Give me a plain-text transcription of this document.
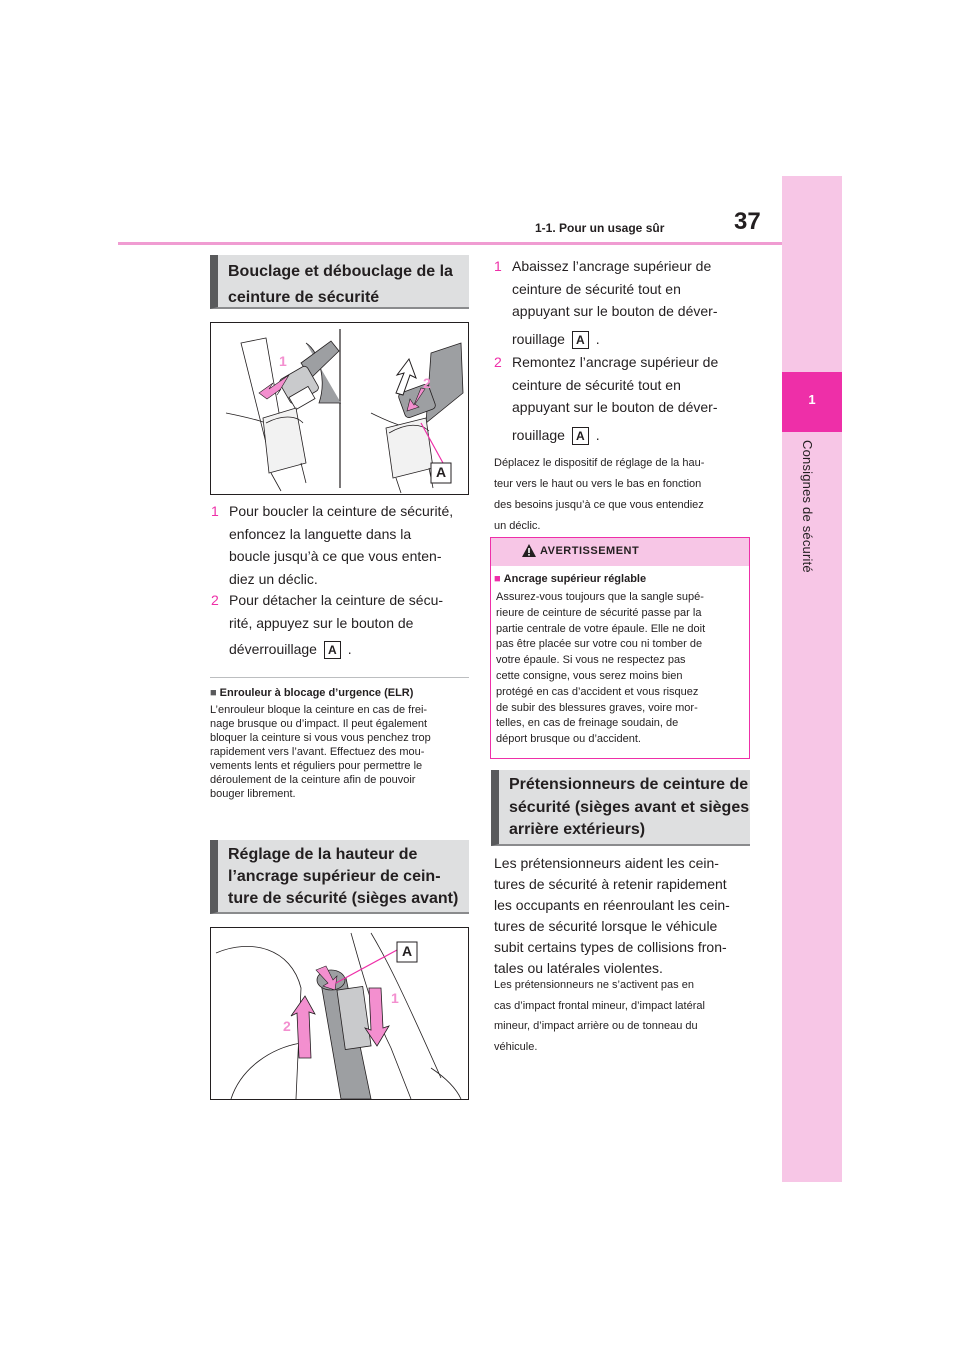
1
Consignes de sécurité
1-1. Pour un usage sûr	37
Bouclage et débouclage de la ceinture de sécurité
1
2
A
1 Pour boucler la ceinture de sécurité,
enfoncez la languette dans la
boucle jusqu’à ce que vous enten-
diez un déclic.
2 Pour détacher la ceinture de sécu-
rité, appuyez sur le bouton de
déverrouillage A .
■ Enrouleur à blocage d’urgence (ELR)
L’enrouleur bloque la ceinture en cas de frei-
nage brusque ou d’impact. Il peut également
bloquer la ceinture si vous vous penchez trop
rapidement vers l’avant. Effectuez des mou-
vements lents et réguliers pour permettre le
déroulement de la ceinture afin de pouvoir
bouger librement.
Réglage de la hauteur de
l’ancrage supérieur de cein-
ture de sécurité (sièges avant)
A
1
2
1 Abaissez l’ancrage supérieur de
ceinture de sécurité tout en
appuyant sur le bouton de déver-
rouillage A .
2 Remontez l’ancrage supérieur de
ceinture de sécurité tout en
appuyant sur le bouton de déver-
rouillage A .
Déplacez le dispositif de réglage de la hau-
teur vers le haut ou vers le bas en fonction
des besoins jusqu’à ce que vous entendiez
un déclic.
AVERTISSEMENT
■ Ancrage supérieur réglable
Assurez-vous toujours que la sangle supé-
rieure de ceinture de sécurité passe par la
partie centrale de votre épaule. Elle ne doit
pas être placée sur votre cou ni tomber de
votre épaule. Si vous ne respectez pas
cette consigne, vous serez moins bien
protégé en cas d’accident et vous risquez
de subir des blessures graves, voire mor-
telles, en cas de freinage soudain, de
déport brusque ou d’accident.
Prétensionneurs de ceinture de
sécurité (sièges avant et sièges
arrière extérieurs)
Les prétensionneurs aident les cein-
tures de sécurité à retenir rapidement
les occupants en réenroulant les cein-
tures de sécurité lorsque le véhicule
subit certains types de collisions fron-
tales ou latérales violentes.
Les prétensionneurs ne s’activent pas en
cas d’impact frontal mineur, d’impact latéral
mineur, d’impact arrière ou de tonneau du
véhicule.
